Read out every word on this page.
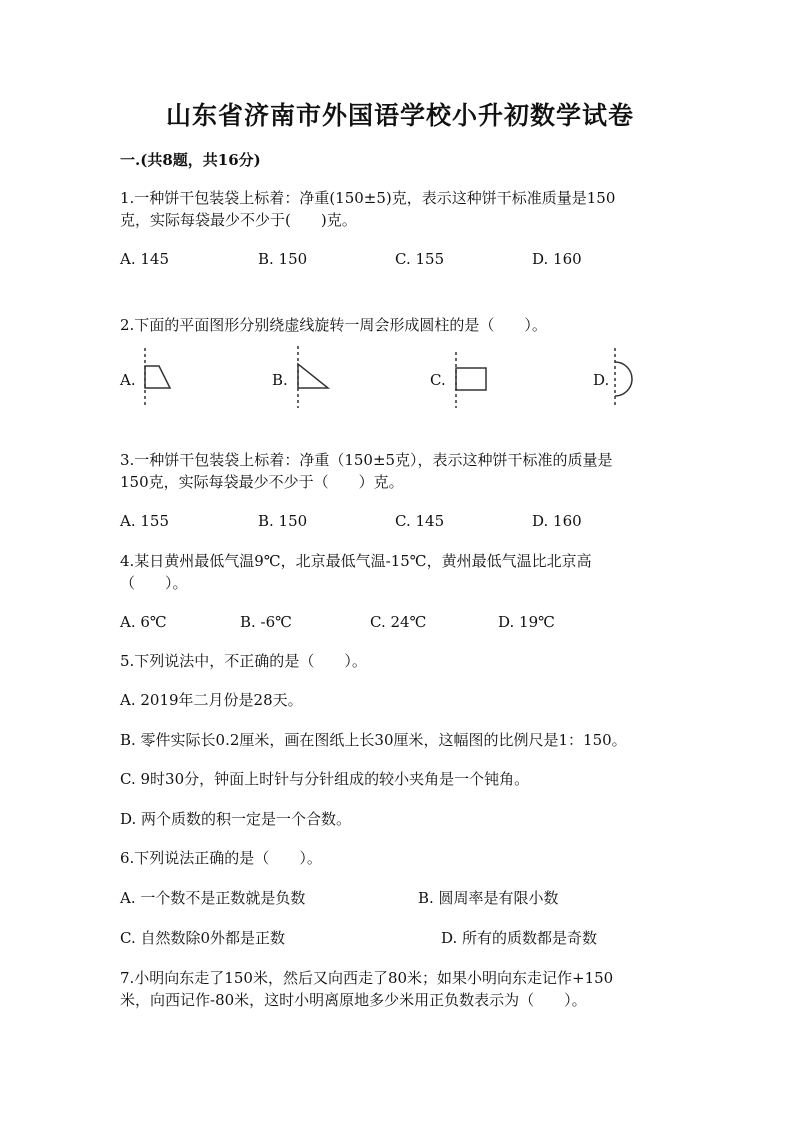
山东省济南市外国语学校小升初数学试卷
一.(共8题，共16分)
1.一种饼干包装袋上标着：净重(150±5)克，表示这种饼干标准质量是150
克，实际每袋最少不少于(　　)克。
A. 145	B. 150	C. 155	D. 160
2.下面的平面图形分别绕虚线旋转一周会形成圆柱的是（　　）。
A.	B.	C.	D.
3.一种饼干包装袋上标着：净重（150±5克），表示这种饼干标准的质量是
150克，实际每袋最少不少于（　　）克。
A. 155	B. 150	C. 145	D. 160
4.某日黄州最低气温9℃，北京最低气温-15℃，黄州最低气温比北京高
（　　）。
A. 6℃	B. -6℃	C. 24℃	D. 19℃
5.下列说法中，不正确的是（　　）。
A. 2019年二月份是28天。
B. 零件实际长0.2厘米，画在图纸上长30厘米，这幅图的比例尺是1：150。
C. 9时30分，钟面上时针与分针组成的较小夹角是一个钝角。
D. 两个质数的积一定是一个合数。
6.下列说法正确的是（　　）。
A. 一个数不是正数就是负数	B. 圆周率是有限小数
C. 自然数除0外都是正数	D. 所有的质数都是奇数
7.小明向东走了150米，然后又向西走了80米；如果小明向东走记作+150
米，向西记作-80米，这时小明离原地多少米用正负数表示为（　　）。
